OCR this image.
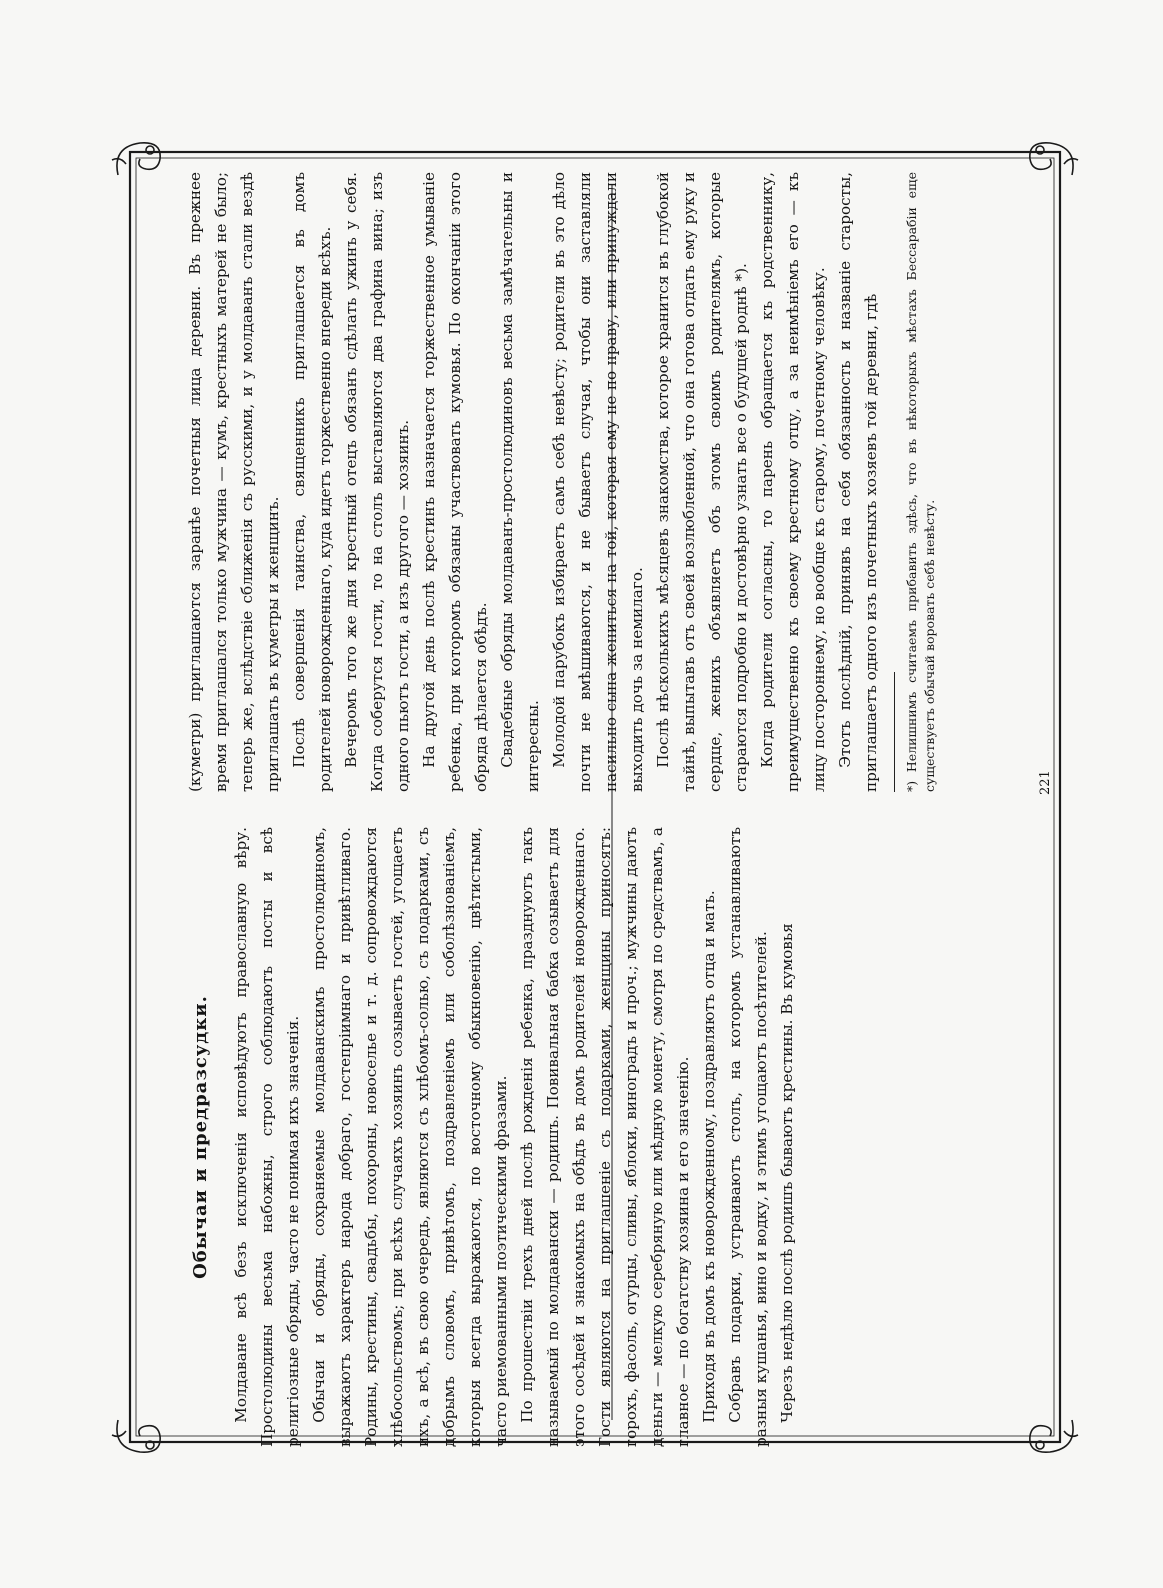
Обычаи и предразсудки. Молдаване всѣ безъ исключенія исповѣдуютъ православную вѣру. Простолюдины весьма набожны, строго соблюдаютъ посты и всѣ религіозные обряды, часто не понимая ихъ значенія. Обычаи и обряды, сохраняемые молдаванскимъ простолюдиномъ, выражаютъ характеръ народа добраго, гостепріимнаго и привѣтливаго. Родины, крестины, свадьбы, похороны, новоселье и т. д. сопровождаются хлѣбосольствомъ; при всѣхъ случаяхъ хозяинъ созываетъ гостей, угощаетъ ихъ, а всѣ, въ свою очередь, являются съ хлѣбомъ-солью, съ подарками, съ добрымъ словомъ, привѣтомъ, поздравленіемъ или соболѣзнованіемъ, которыя всегда выражаются, по восточному обыкновенію, цвѣтистыми, часто риемованными поэтическими фразами. По прошествіи трехъ дней послѣ рожденія ребенка, празднуютъ такъ называемый по молдавански — родишъ. Повивальная бабка созываетъ для этого сосѣдей и знакомыхъ на обѣдъ въ домъ родителей новорожденнаго. Гости являются на приглашеніе съ подарками, женщины приносятъ: горохъ, фасоль, огурцы, сливы, яблоки, виноградъ и проч.; мужчины даютъ деньги — мелкую серебряную или мѣдную монету, смотря по средствамъ, а главное — по богатству хозяина и его значенію. Приходя въ домъ къ новорожденному, поздравляютъ отца и мать. Собравъ подарки, устраиваютъ столъ, на которомъ устанавливаютъ разныя кушанья, вино и водку, и этимъ угощаютъ посѣтителей. Черезъ недѣлю послѣ родишъ бываютъ крестины. Въ кумовья

(куметри) приглашаются заранѣе почетныя лица деревни. Въ прежнее время приглашался только мужчина — кумъ, крестныхъ матерей не было; теперь же, вслѣдствіе сближенія съ русскими, и у молдаванъ стали вездѣ приглашать въ куметры и женщинъ. Послѣ совершенія таинства, священникъ приглашается въ домъ родителей новорожденнаго, куда идетъ торжественно впереди всѣхъ. Вечеромъ того же дня крестный отецъ обязанъ сдѣлать ужинъ у себя. Когда соберутся гости, то на столъ выставляются два графина вина; изъ одного пьютъ гости, а изъ другого — хозяинъ. На другой день послѣ крестинъ назначается торжественное умываніе ребенка, при которомъ обязаны участвовать кумовья. По окончаніи этого обряда дѣлается обѣдъ. Свадебные обряды молдаванъ-простолюдиновъ весьма замѣчательны и интересны. Молодой парубокъ избираетъ самъ себѣ невѣсту; родители въ это дѣло почти не вмѣшиваются, и не бываетъ случая, чтобы они заставляли насильно сына жениться на той, которая ему не по нраву, или принуждали выходить дочь за немилаго. Послѣ нѣсколькихъ мѣсяцевъ знакомства, которое хранится въ глубокой тайнѣ, выпытавъ отъ своей возлюбленной, что она готова отдать ему руку и сердце, женихъ объявляетъ объ этомъ своимъ родителямъ, которые стараются подробно и достовѣрно узнать все о будущей роднѣ *). Когда родители согласны, то парень обращается къ родственнику, преимущественно къ своему крестному отцу, а за неимѣніемъ его — къ лицу постороннему, но вообще къ старому, почетному человѣку. Этотъ послѣдній, принявъ на себя обязанность и названіе старосты, приглашаетъ одного изъ почетныхъ хозяевъ той деревни, гдѣ	*) Нелишнимъ считаемъ прибавить здѣсь, что въ нѣкоторыхъ мѣстахъ Бессарабіи еще существуетъ обычай воровать себѣ невѣсту.	221
